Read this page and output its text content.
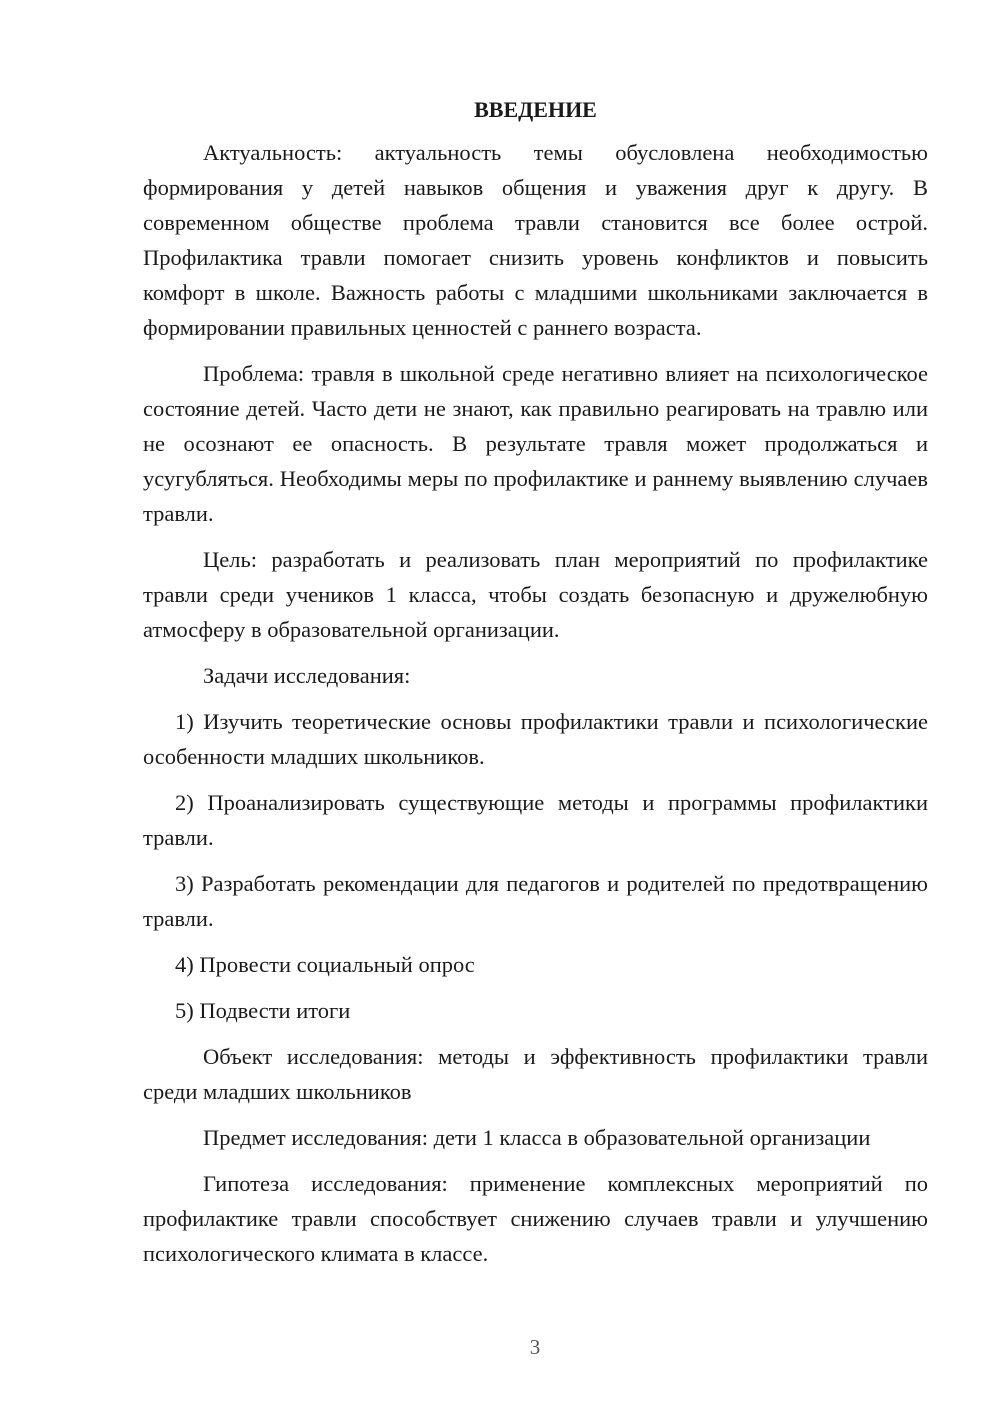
ВВЕДЕНИЕ

Актуальность: актуальность темы обусловлена необходимостью формирования у детей навыков общения и уважения друг к другу. В современном обществе проблема травли становится все более острой. Профилактика травли помогает снизить уровень конфликтов и повысить комфорт в школе. Важность работы с младшими школьниками заключается в формировании правильных ценностей с раннего возраста.

Проблема: травля в школьной среде негативно влияет на психологическое состояние детей. Часто дети не знают, как правильно реагировать на травлю или не осознают ее опасность. В результате травля может продолжаться и усугубляться. Необходимы меры по профилактике и раннему выявлению случаев травли.

Цель: разработать и реализовать план мероприятий по профилактике травли среди учеников 1 класса, чтобы создать безопасную и дружелюбную атмосферу в образовательной организации.

Задачи исследования:

1) Изучить теоретические основы профилактики травли и психологические особенности младших школьников.

2) Проанализировать существующие методы и программы профилактики травли.

3) Разработать рекомендации для педагогов и родителей по предотвращению травли.

4) Провести социальный опрос

5) Подвести итоги

Объект исследования: методы и эффективность профилактики травли среди младших школьников

Предмет исследования: дети 1 класса в образовательной организации

Гипотеза исследования: применение комплексных мероприятий по профилактике травли способствует снижению случаев травли и улучшению психологического климата в классе.

3
